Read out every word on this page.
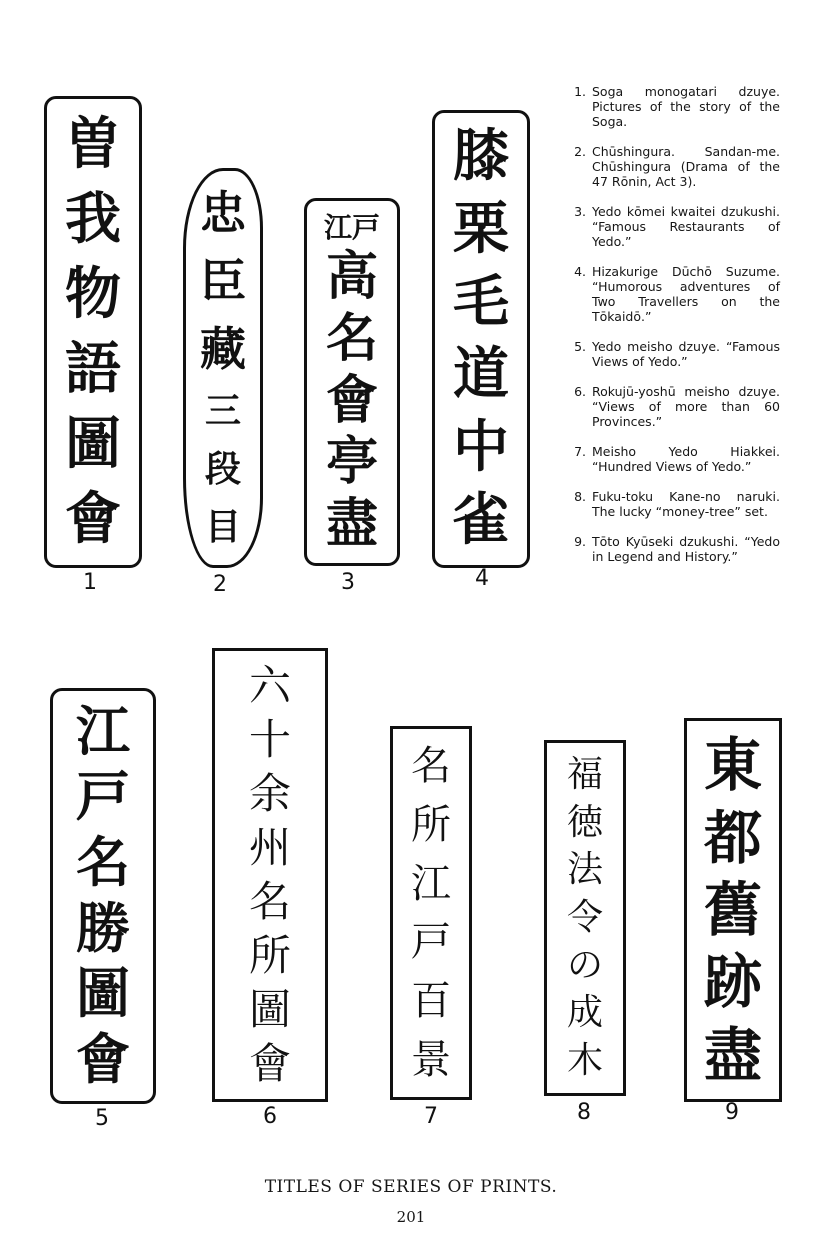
曽
我
物
語
圖
會
1
忠
臣
藏
三
段
目
2
江戸
高
名
會
亭
盡
3
膝
栗
毛
道
中
雀
4
江
戸
名
勝
圖
會
5
六
十
余
州
名
所
圖
會
6
名
所
江
戸
百
景
7
福
徳
法
令
の
成
木
8
東
都
舊
跡
盡
9
1. Soga monogatari dzuye. Pictures of the story of the Soga.
2. Chūshingura. Sandan-me. Chūshingura (Drama of the 47 Rōnin, Act 3).
3. Yedo kōmei kwaitei dzukushi. “Famous Restaurants of Yedo.”
4. Hizakurige Dūchō Suzume. “Humorous adventures of Two Travellers on the Tōkaidō.”
5. Yedo meisho dzuye. “Famous Views of Yedo.”
6. Rokujū-yoshū meisho dzuye. “Views of more than 60 Provinces.”
7. Meisho Yedo Hiakkei. “Hundred Views of Yedo.”
8. Fuku-toku Kane-no naruki. The lucky “money-tree” set.
9. Tōto Kyūseki dzukushi. “Yedo in Legend and History.”
TITLES OF SERIES OF PRINTS.
201
